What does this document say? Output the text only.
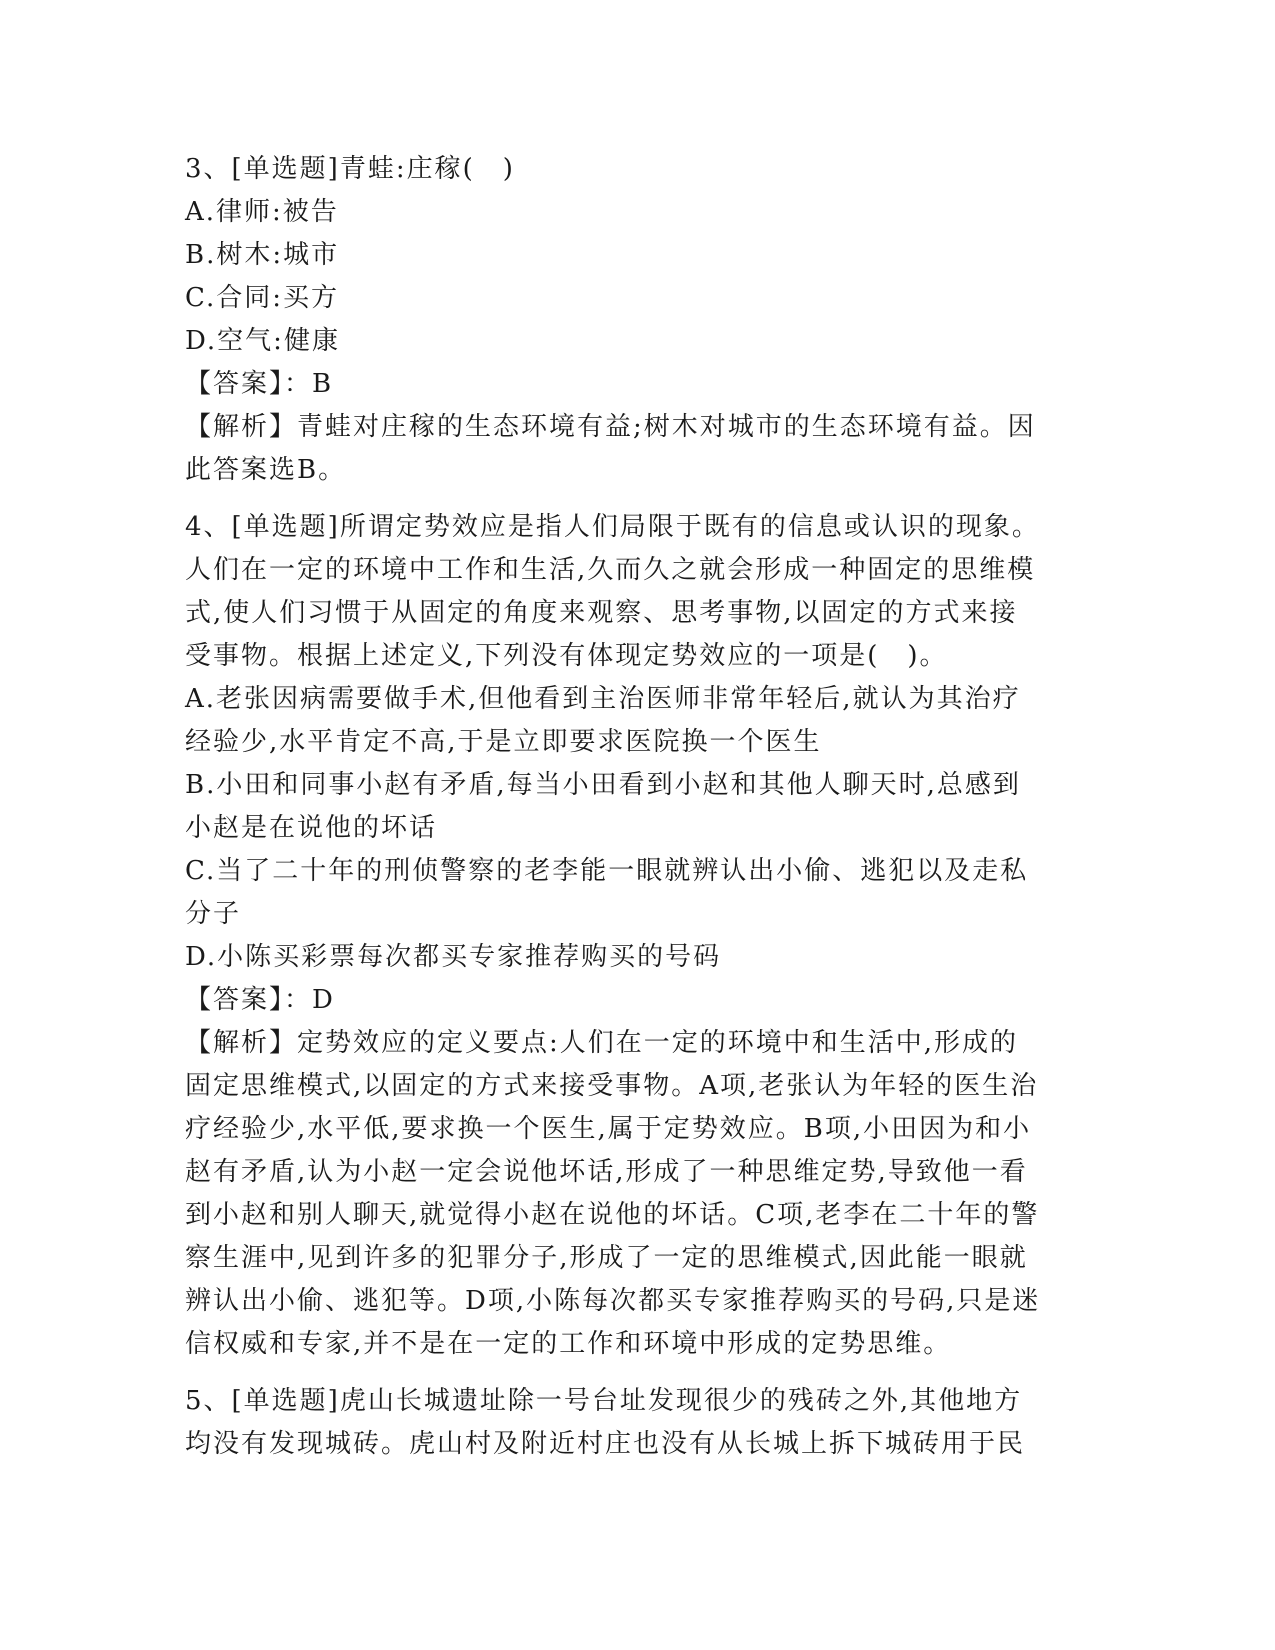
3、[单选题]青蛙:庄稼(　)
A.律师:被告
B.树木:城市
C.合同:买方
D.空气:健康
【答案】：B
【解析】青蛙对庄稼的生态环境有益;树木对城市的生态环境有益。因
此答案选B。
4、[单选题]所谓定势效应是指人们局限于既有的信息或认识的现象。
人们在一定的环境中工作和生活,久而久之就会形成一种固定的思维模
式,使人们习惯于从固定的角度来观察、思考事物,以固定的方式来接
受事物。根据上述定义,下列没有体现定势效应的一项是(　)。
A.老张因病需要做手术,但他看到主治医师非常年轻后,就认为其治疗
经验少,水平肯定不高,于是立即要求医院换一个医生
B.小田和同事小赵有矛盾,每当小田看到小赵和其他人聊天时,总感到
小赵是在说他的坏话
C.当了二十年的刑侦警察的老李能一眼就辨认出小偷、逃犯以及走私
分子
D.小陈买彩票每次都买专家推荐购买的号码
【答案】：D
【解析】定势效应的定义要点:人们在一定的环境中和生活中,形成的
固定思维模式,以固定的方式来接受事物。A项,老张认为年轻的医生治
疗经验少,水平低,要求换一个医生,属于定势效应。B项,小田因为和小
赵有矛盾,认为小赵一定会说他坏话,形成了一种思维定势,导致他一看
到小赵和别人聊天,就觉得小赵在说他的坏话。C项,老李在二十年的警
察生涯中,见到许多的犯罪分子,形成了一定的思维模式,因此能一眼就
辨认出小偷、逃犯等。D项,小陈每次都买专家推荐购买的号码,只是迷
信权威和专家,并不是在一定的工作和环境中形成的定势思维。
5、[单选题]虎山长城遗址除一号台址发现很少的残砖之外,其他地方
均没有发现城砖。虎山村及附近村庄也没有从长城上拆下城砖用于民
